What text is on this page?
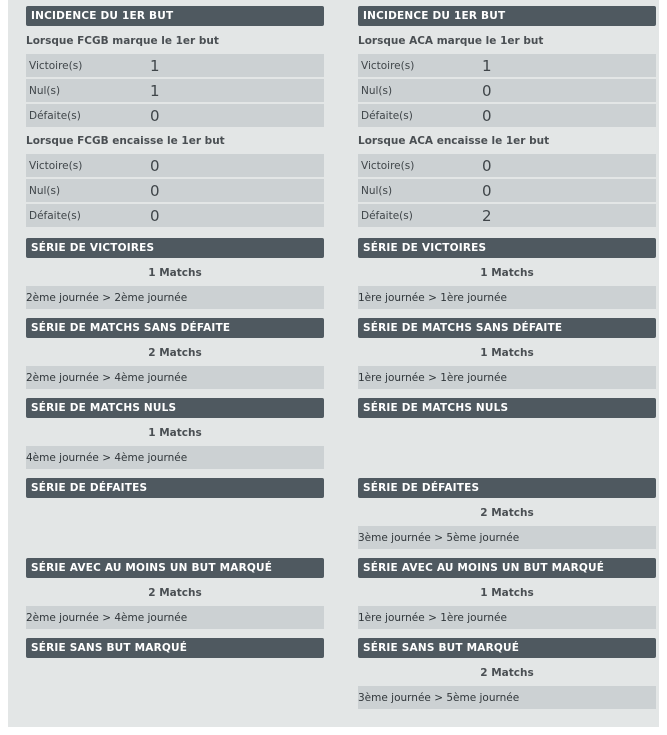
INCIDENCE DU 1ER BUT
Lorsque FCGB marque le 1er but
Victoire(s)	1
Nul(s)	1
Défaite(s)	0
Lorsque FCGB encaisse le 1er but
Victoire(s)	0
Nul(s)	0
Défaite(s)	0
SÉRIE DE VICTOIRES
1 Matchs
2ème journée > 2ème journée
SÉRIE DE MATCHS SANS DÉFAITE
2 Matchs
2ème journée > 4ème journée
SÉRIE DE MATCHS NULS
1 Matchs
4ème journée > 4ème journée
SÉRIE DE DÉFAITES
SÉRIE AVEC AU MOINS UN BUT MARQUÉ
2 Matchs
2ème journée > 4ème journée
SÉRIE SANS BUT MARQUÉ
INCIDENCE DU 1ER BUT
Lorsque ACA marque le 1er but
Victoire(s)	1
Nul(s)	0
Défaite(s)	0
Lorsque ACA encaisse le 1er but
Victoire(s)	0
Nul(s)	0
Défaite(s)	2
SÉRIE DE VICTOIRES
1 Matchs
1ère journée > 1ère journée
SÉRIE DE MATCHS SANS DÉFAITE
1 Matchs
1ère journée > 1ère journée
SÉRIE DE MATCHS NULS
SÉRIE DE DÉFAITES
2 Matchs
3ème journée > 5ème journée
SÉRIE AVEC AU MOINS UN BUT MARQUÉ
1 Matchs
1ère journée > 1ère journée
SÉRIE SANS BUT MARQUÉ
2 Matchs
3ème journée > 5ème journée
